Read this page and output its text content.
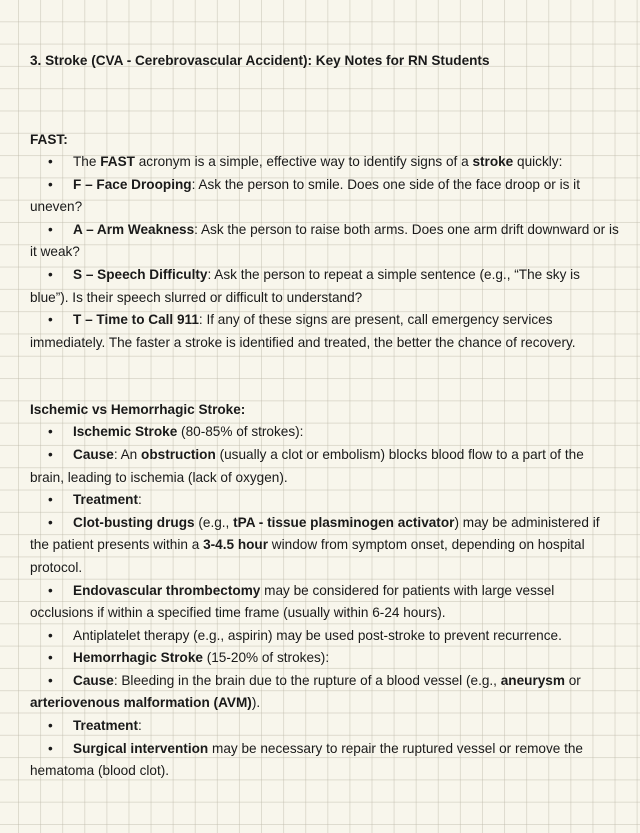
3. Stroke (CVA - Cerebrovascular Accident): Key Notes for RN Students

FAST:

• The FAST acronym is a simple, effective way to identify signs of a stroke quickly:

• F – Face Drooping: Ask the person to smile. Does one side of the face droop or is it uneven?

• A – Arm Weakness: Ask the person to raise both arms. Does one arm drift downward or is it weak?

• S – Speech Difficulty: Ask the person to repeat a simple sentence (e.g., “The sky is blue”). Is their speech slurred or difficult to understand?

• T – Time to Call 911: If any of these signs are present, call emergency services immediately. The faster a stroke is identified and treated, the better the chance of recovery.

Ischemic vs Hemorrhagic Stroke:

• Ischemic Stroke (80-85% of strokes):

• Cause: An obstruction (usually a clot or embolism) blocks blood flow to a part of the brain, leading to ischemia (lack of oxygen).

• Treatment:

• Clot-busting drugs (e.g., tPA - tissue plasminogen activator) may be administered if the patient presents within a 3-4.5 hour window from symptom onset, depending on hospital protocol.

• Endovascular thrombectomy may be considered for patients with large vessel occlusions if within a specified time frame (usually within 6-24 hours).

• Antiplatelet therapy (e.g., aspirin) may be used post-stroke to prevent recurrence.

• Hemorrhagic Stroke (15-20% of strokes):

• Cause: Bleeding in the brain due to the rupture of a blood vessel (e.g., aneurysm or arteriovenous malformation (AVM)).

• Treatment:

• Surgical intervention may be necessary to repair the ruptured vessel or remove the hematoma (blood clot).
